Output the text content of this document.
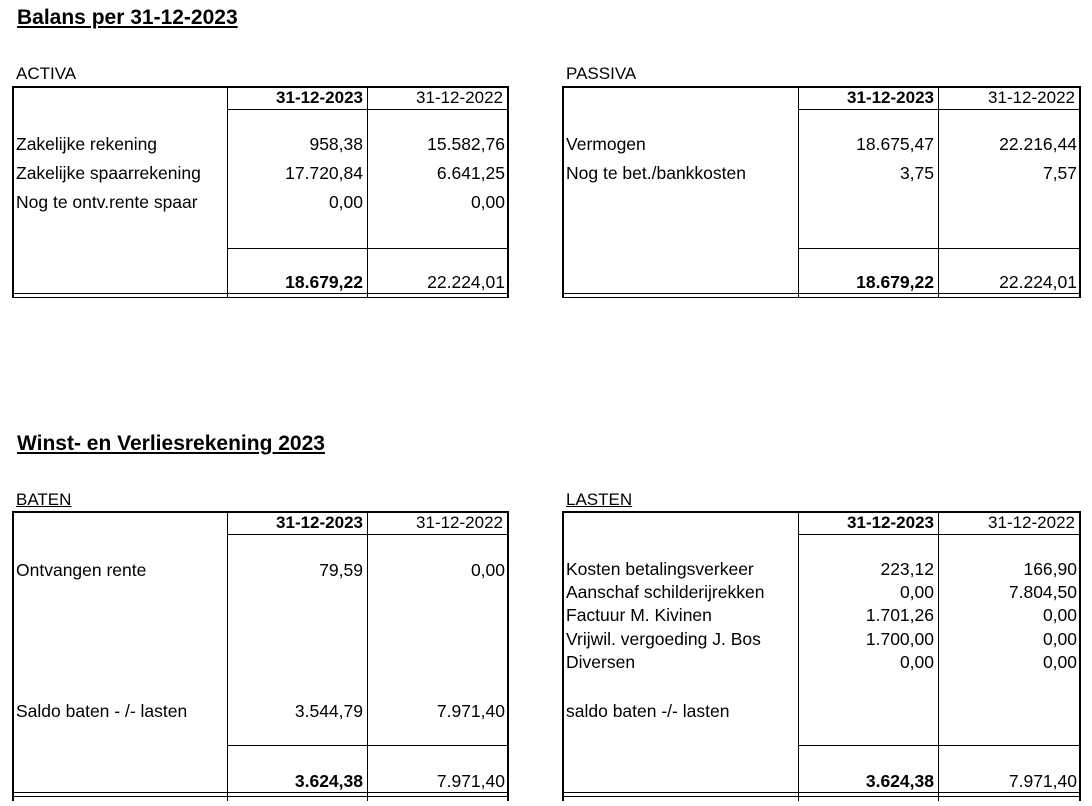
Balans per 31-12-2023
ACTIVA
31-12-2023	31-12-2022
Zakelijke rekening	958,38	15.582,76
Zakelijke spaarrekening	17.720,84	6.641,25
Nog te ontv.rente spaar	0,00	0,00
18.679,22	22.224,01
PASSIVA
31-12-2023	31-12-2022
Vermogen	18.675,47	22.216,44
Nog te bet./bankkosten	3,75	7,57
18.679,22	22.224,01
Winst- en Verliesrekening 2023
BATEN
31-12-2023	31-12-2022
Ontvangen rente	79,59	0,00
Saldo baten - /- lasten	3.544,79	7.971,40
3.624,38	7.971,40
LASTEN
31-12-2023	31-12-2022
Kosten betalingsverkeer	223,12	166,90
Aanschaf schilderijrekken	0,00	7.804,50
Factuur M. Kivinen	1.701,26	0,00
Vrijwil. vergoeding J. Bos	1.700,00	0,00
Diversen	0,00	0,00
saldo baten -/- lasten
3.624,38	7.971,40
